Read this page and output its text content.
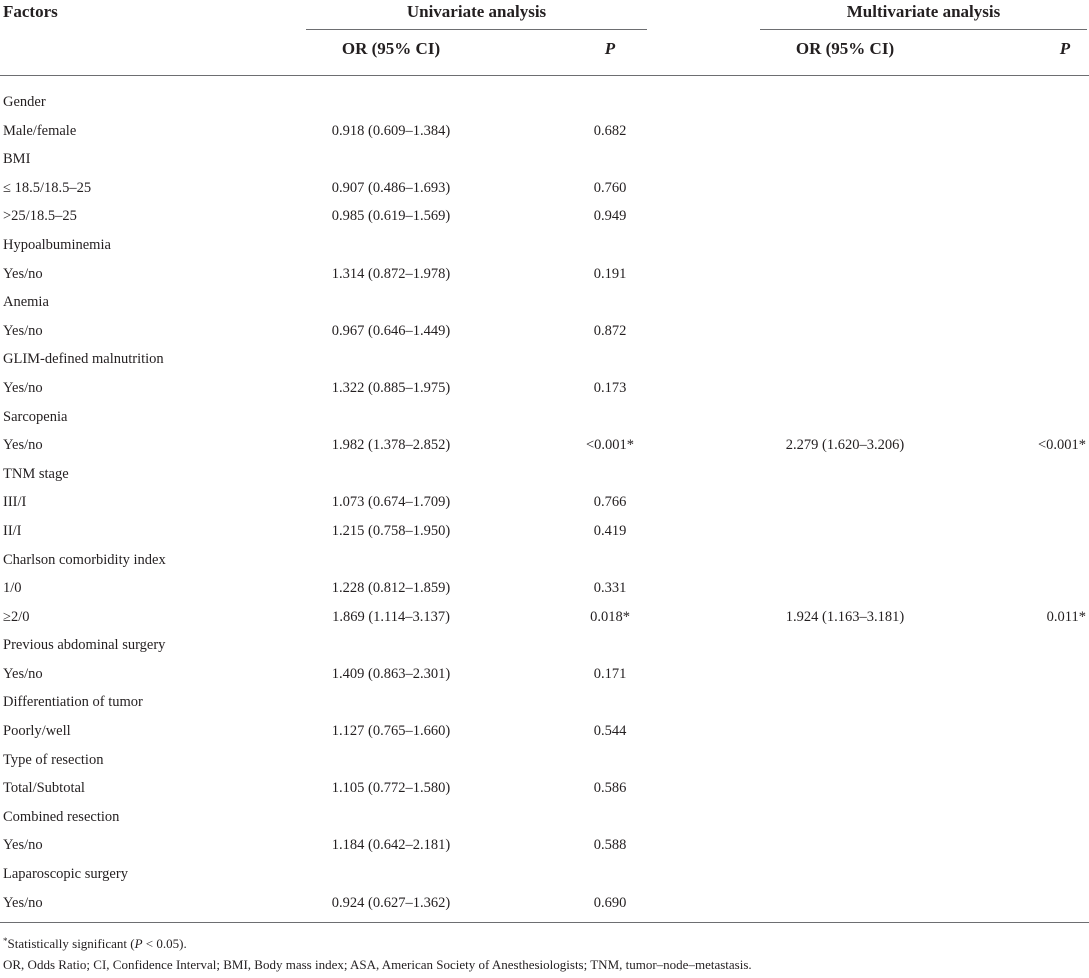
Factors	Univariate analysis	Multivariate analysis
OR (95% CI)	P	OR (95% CI)	P
Gender
Male/female	0.918 (0.609–1.384)	0.682
BMI
≤ 18.5/18.5–25	0.907 (0.486–1.693)	0.760
>25/18.5–25	0.985 (0.619–1.569)	0.949
Hypoalbuminemia
Yes/no	1.314 (0.872–1.978)	0.191
Anemia
Yes/no	0.967 (0.646–1.449)	0.872
GLIM-defined malnutrition
Yes/no	1.322 (0.885–1.975)	0.173
Sarcopenia
Yes/no	1.982 (1.378–2.852)	<0.001*	2.279 (1.620–3.206)	<0.001*
TNM stage
III/I	1.073 (0.674–1.709)	0.766
II/I	1.215 (0.758–1.950)	0.419
Charlson comorbidity index
1/0	1.228 (0.812–1.859)	0.331
≥2/0	1.869 (1.114–3.137)	0.018*	1.924 (1.163–3.181)	0.011*
Previous abdominal surgery
Yes/no	1.409 (0.863–2.301)	0.171
Differentiation of tumor
Poorly/well	1.127 (0.765–1.660)	0.544
Type of resection
Total/Subtotal	1.105 (0.772–1.580)	0.586
Combined resection
Yes/no	1.184 (0.642–2.181)	0.588
Laparoscopic surgery
Yes/no	0.924 (0.627–1.362)	0.690
*Statistically significant (P < 0.05).
OR, Odds Ratio; CI, Confidence Interval; BMI, Body mass index; ASA, American Society of Anesthesiologists; TNM, tumor–node–metastasis.
